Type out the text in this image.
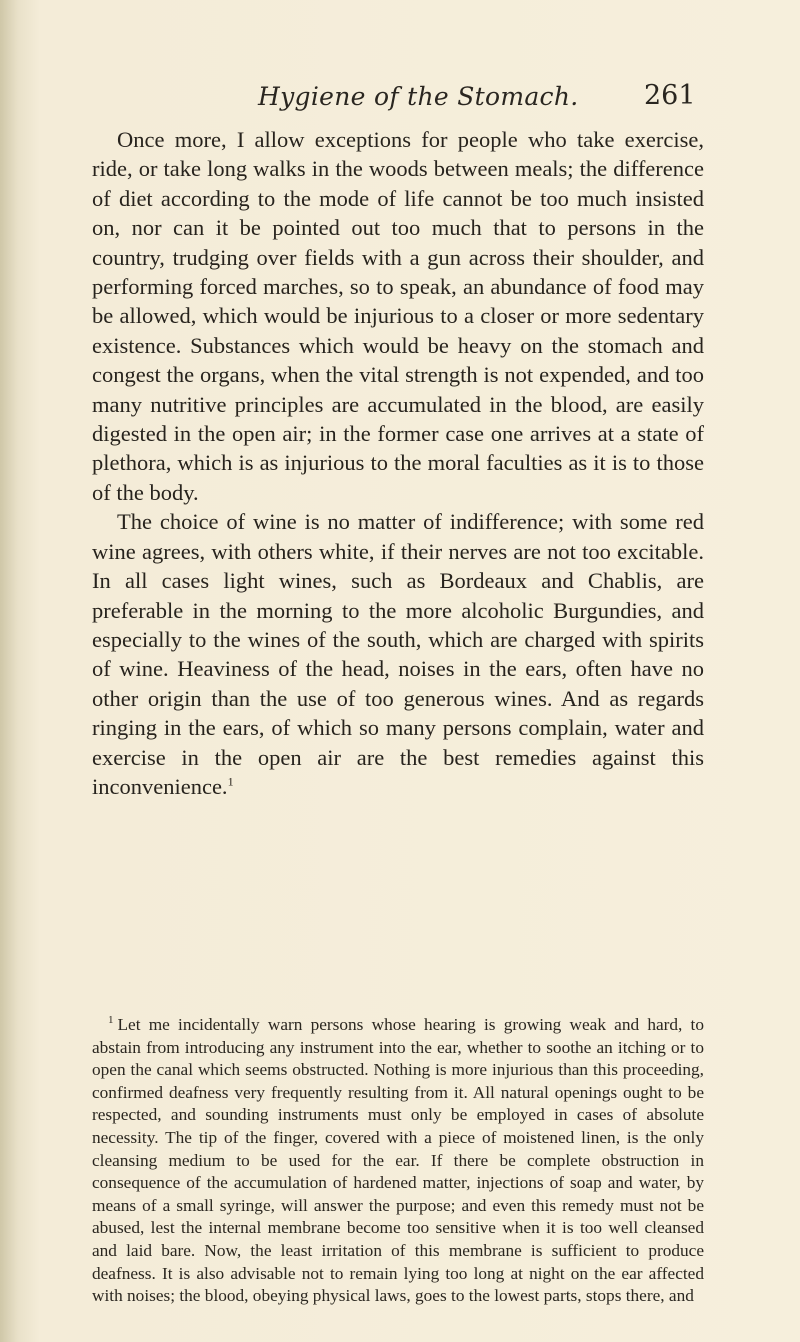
Hygiene of the Stomach. 261

Once more, I allow exceptions for people who take exercise, ride, or take long walks in the woods between meals; the difference of diet according to the mode of life cannot be too much insisted on, nor can it be pointed out too much that to persons in the country, trudging over fields with a gun across their shoulder, and performing forced marches, so to speak, an abundance of food may be allowed, which would be injurious to a closer or more sedentary existence. Substances which would be heavy on the stomach and congest the organs, when the vital strength is not expended, and too many nutritive principles are accumulated in the blood, are easily digested in the open air; in the former case one arrives at a state of plethora, which is as injurious to the moral faculties as it is to those of the body.

The choice of wine is no matter of indifference; with some red wine agrees, with others white, if their nerves are not too excitable. In all cases light wines, such as Bordeaux and Chablis, are preferable in the morning to the more alcoholic Burgundies, and especially to the wines of the south, which are charged with spirits of wine. Heaviness of the head, noises in the ears, often have no other origin than the use of too generous wines. And as regards ringing in the ears, of which so many persons complain, water and exercise in the open air are the best remedies against this inconvenience.$^1$

$^1$ Let me incidentally warn persons whose hearing is growing weak and hard, to abstain from introducing any instrument into the ear, whether to soothe an itching or to open the canal which seems obstructed. Nothing is more injurious than this proceeding, confirmed deafness very frequently resulting from it. All natural openings ought to be respected, and sounding instruments must only be employed in cases of absolute necessity. The tip of the finger, covered with a piece of moistened linen, is the only cleansing medium to be used for the ear. If there be complete obstruction in consequence of the accumulation of hardened matter, injections of soap and water, by means of a small syringe, will answer the purpose; and even this remedy must not be abused, lest the internal membrane become too sensitive when it is too well cleansed and laid bare. Now, the least irritation of this membrane is sufficient to produce deafness. It is also advisable not to remain lying too long at night on the ear affected with noises; the blood, obeying physical laws, goes to the lowest parts, stops there, and
